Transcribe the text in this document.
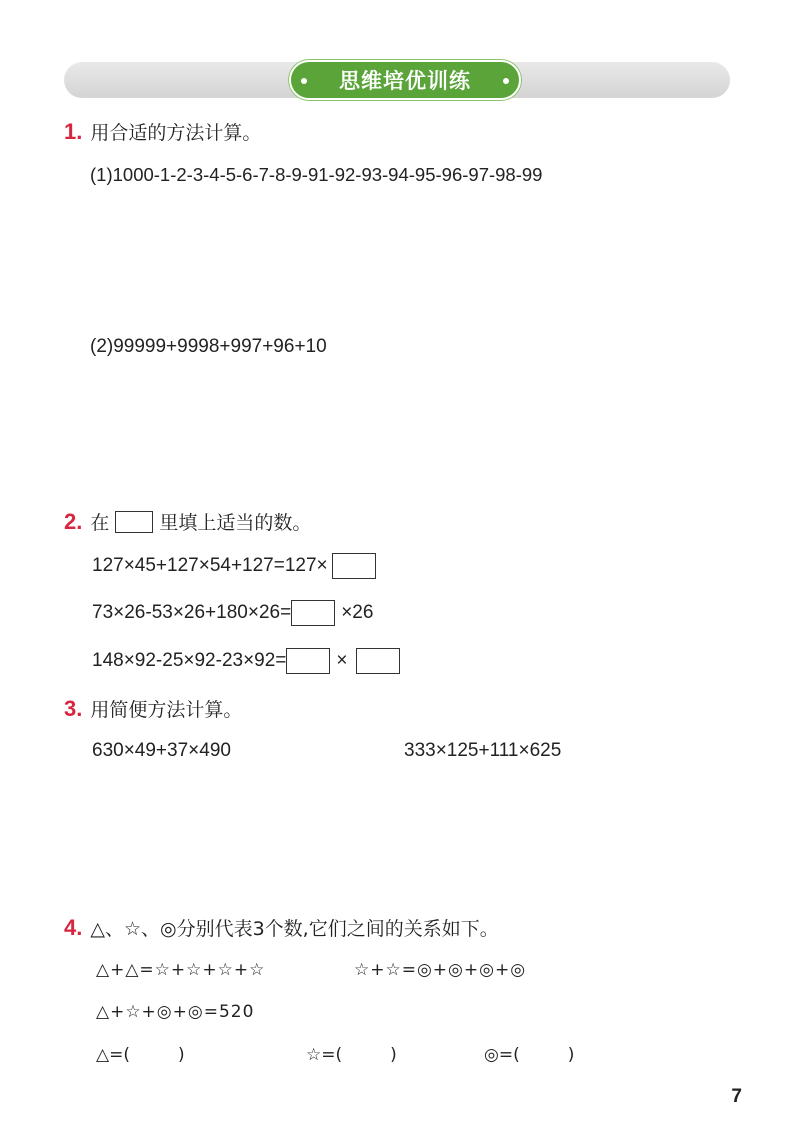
思维培优训练
1. 用合适的方法计算。
(1)1000-1-2-3-4-5-6-7-8-9-91-92-93-94-95-96-97-98-99
(2)99999+9998+997+96+10
2. 在	里填上适当的数。
127×45+127×54+127=127×
73×26-53×26+180×26=	×26
148×92-25×92-23×92=	×
3. 用简便方法计算。
630×49+37×490	333×125+111×625
4. △、☆、◎分别代表3个数,它们之间的关系如下。
△+△=☆+☆+☆+☆	☆+☆=◎+◎+◎+◎
△+☆+◎+◎=520
△=(	)	☆=(	)	◎=(	)
7
